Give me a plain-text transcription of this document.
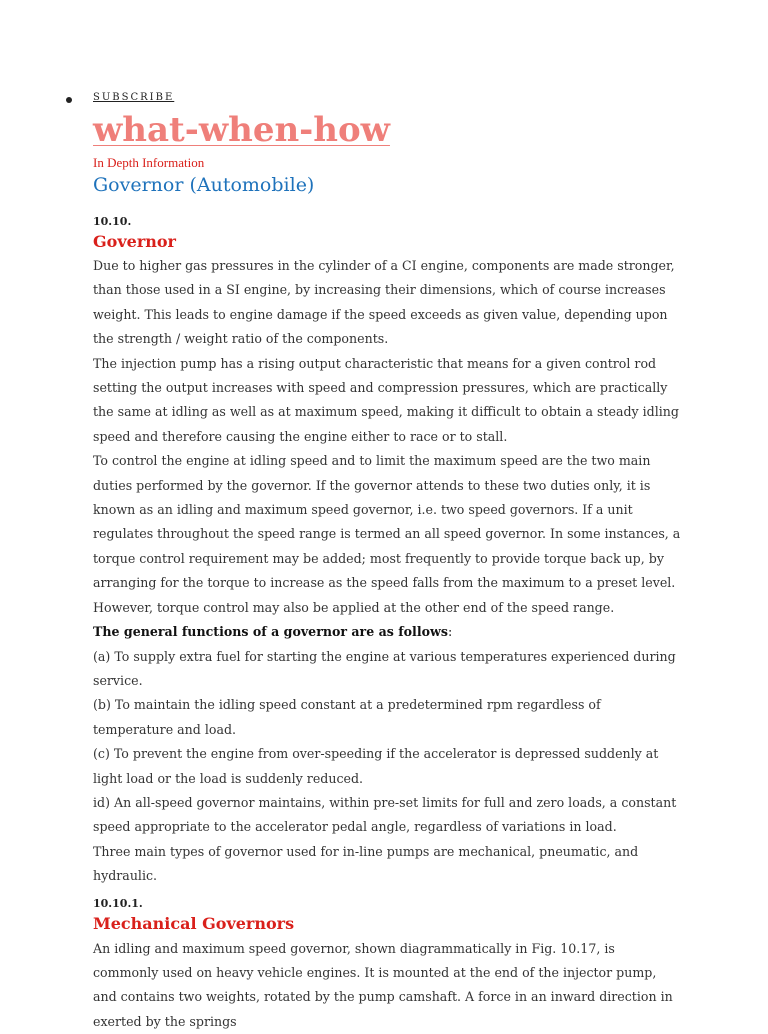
SUBSCRIBE
what-when-how
In Depth Information
Governor (Automobile)
10.10.
Governor

Due to higher gas pressures in the cylinder of a CI engine, components are made stronger, than those used in a SI engine, by increasing their dimensions, which of course increases weight. This leads to engine damage if the speed exceeds as given value, depending upon the strength / weight ratio of the components.

The injection pump has a rising output characteristic that means for a given control rod setting the output increases with speed and compression pressures, which are practically the same at idling as well as at maximum speed, making it difficult to obtain a steady idling speed and therefore causing the engine either to race or to stall.

To control the engine at idling speed and to limit the maximum speed are the two main duties performed by the governor. If the governor attends to these two duties only, it is known as an idling and maximum speed governor, i.e. two speed governors. If a unit regulates throughout the speed range is termed an all speed governor. In some instances, a torque control requirement may be added; most frequently to provide torque back up, by arranging for the torque to increase as the speed falls from the maximum to a preset level. However, torque control may also be applied at the other end of the speed range.

The general functions of a governor are as follows:

(a) To supply extra fuel for starting the engine at various temperatures experienced during service.

(b) To maintain the idling speed constant at a predetermined rpm regardless of temperature and load.

(c) To prevent the engine from over-speeding if the accelerator is depressed suddenly at light load or the load is suddenly reduced.

id) An all-speed governor maintains, within pre-set limits for full and zero loads, a constant speed appropriate to the accelerator pedal angle, regardless of variations in load.

Three main types of governor used for in-line pumps are mechanical, pneumatic, and hydraulic.

10.10.1.
Mechanical Governors

An idling and maximum speed governor, shown diagrammatically in Fig. 10.17, is commonly used on heavy vehicle engines. It is mounted at the end of the injector pump, and contains two weights, rotated by the pump camshaft. A force in an inward direction in exerted by the springs
